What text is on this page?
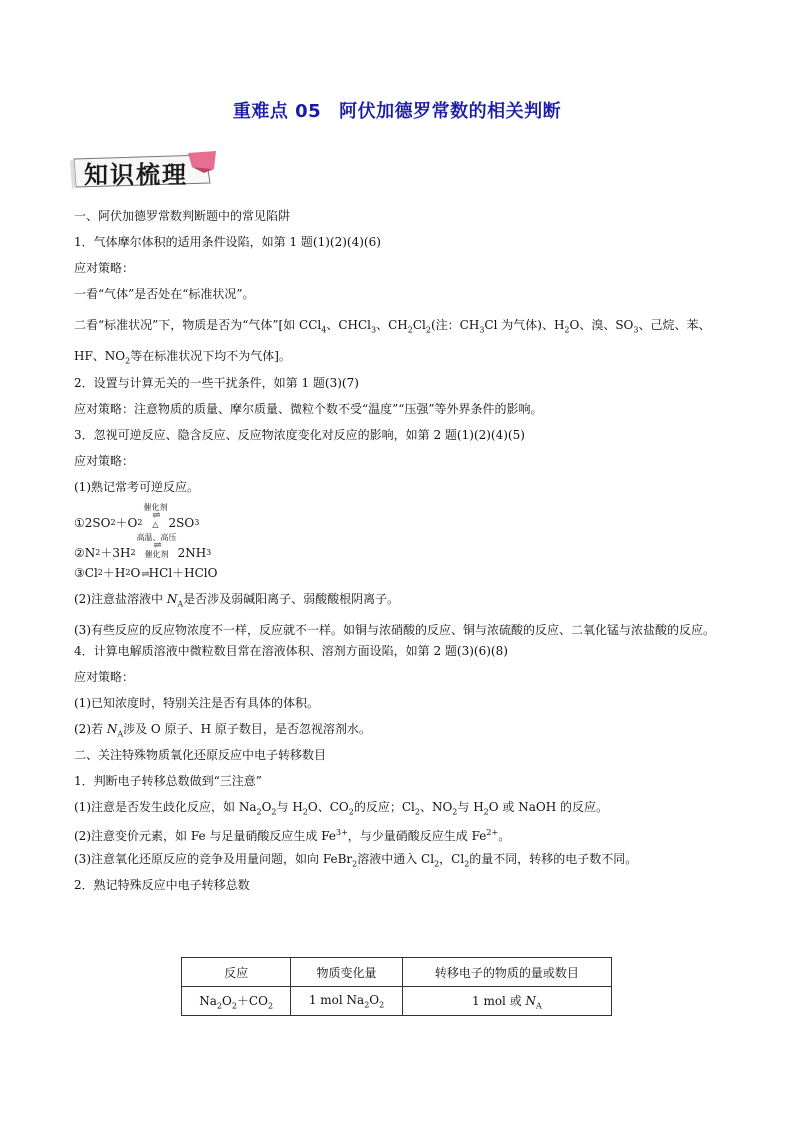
重难点 05 阿伏加德罗常数的相关判断
知识梳理
一、阿伏加德罗常数判断题中的常见陷阱
1．气体摩尔体积的适用条件设陷，如第 1 题(1)(2)(4)(6)
应对策略：
一看“气体”是否处在“标准状况”。
二看“标准状况”下，物质是否为“气体”[如 CCl$_4$、CHCl$_3$、$CH_2Cl_2$(注：$CH_3Cl$ 为气体)、$H_2O$、溴、$SO_3$、己烷、苯、HF、$NO_2$等在标准状况下均不为气体]。
2．设置与计算无关的一些干扰条件，如第 1 题(3)(7)
应对策略：注意物质的质量、摩尔质量、微粒个数不受“温度”“压强”等外界条件的影响。
3．忽视可逆反应、隐含反应、反应物浓度变化对反应的影响，如第 2 题(1)(2)(4)(5)
应对策略：
(1)熟记常考可逆反应。
①2SO 2 ＋O 2
催化剂
⇌
△ 2SO 3
②N 2 ＋3H 2
高温、高压
⇌
催化剂 2NH 3
③Cl 2 ＋H 2 O ⇌ HCl＋HClO
(2)注意盐溶液中 $N_A$是否涉及弱碱阳离子、弱酸酸根阴离子。
(3)有些反应的反应物浓度不一样，反应就不一样。如铜与浓硝酸的反应、铜与浓硫酸的反应、二氧化锰与浓盐酸的反应。
4．计算电解质溶液中微粒数目常在溶液体积、溶剂方面设陷，如第 2 题(3)(6)(8)
应对策略：
(1)已知浓度时，特别关注是否有具体的体积。
(2)若 $N_A$涉及 O 原子、H 原子数目，是否忽视溶剂水。
二、关注特殊物质氧化还原反应中电子转移数目
1．判断电子转移总数做到“三注意”
(1)注意是否发生歧化反应，如 $Na_2O_2$与 $H_2O$、$CO_2$的反应；$Cl_2$、$NO_2$与 $H_2O$ 或 NaOH 的反应。
(2)注意变价元素，如 Fe 与足量硝酸反应生成 $Fe^{3+}$，与少量硝酸反应生成 $Fe^{2+}$。
(3)注意氧化还原反应的竞争及用量问题，如向 FeBr$_2$溶液中通入 $Cl_2$，$Cl_2$的量不同，转移的电子数不同。
2．熟记特殊反应中电子转移总数
反应	物质变化量	转移电子的物质的量或数目
$Na_2O_2+CO_2$	1 mol $Na_2O_2$	1 mol 或 $N_A$
